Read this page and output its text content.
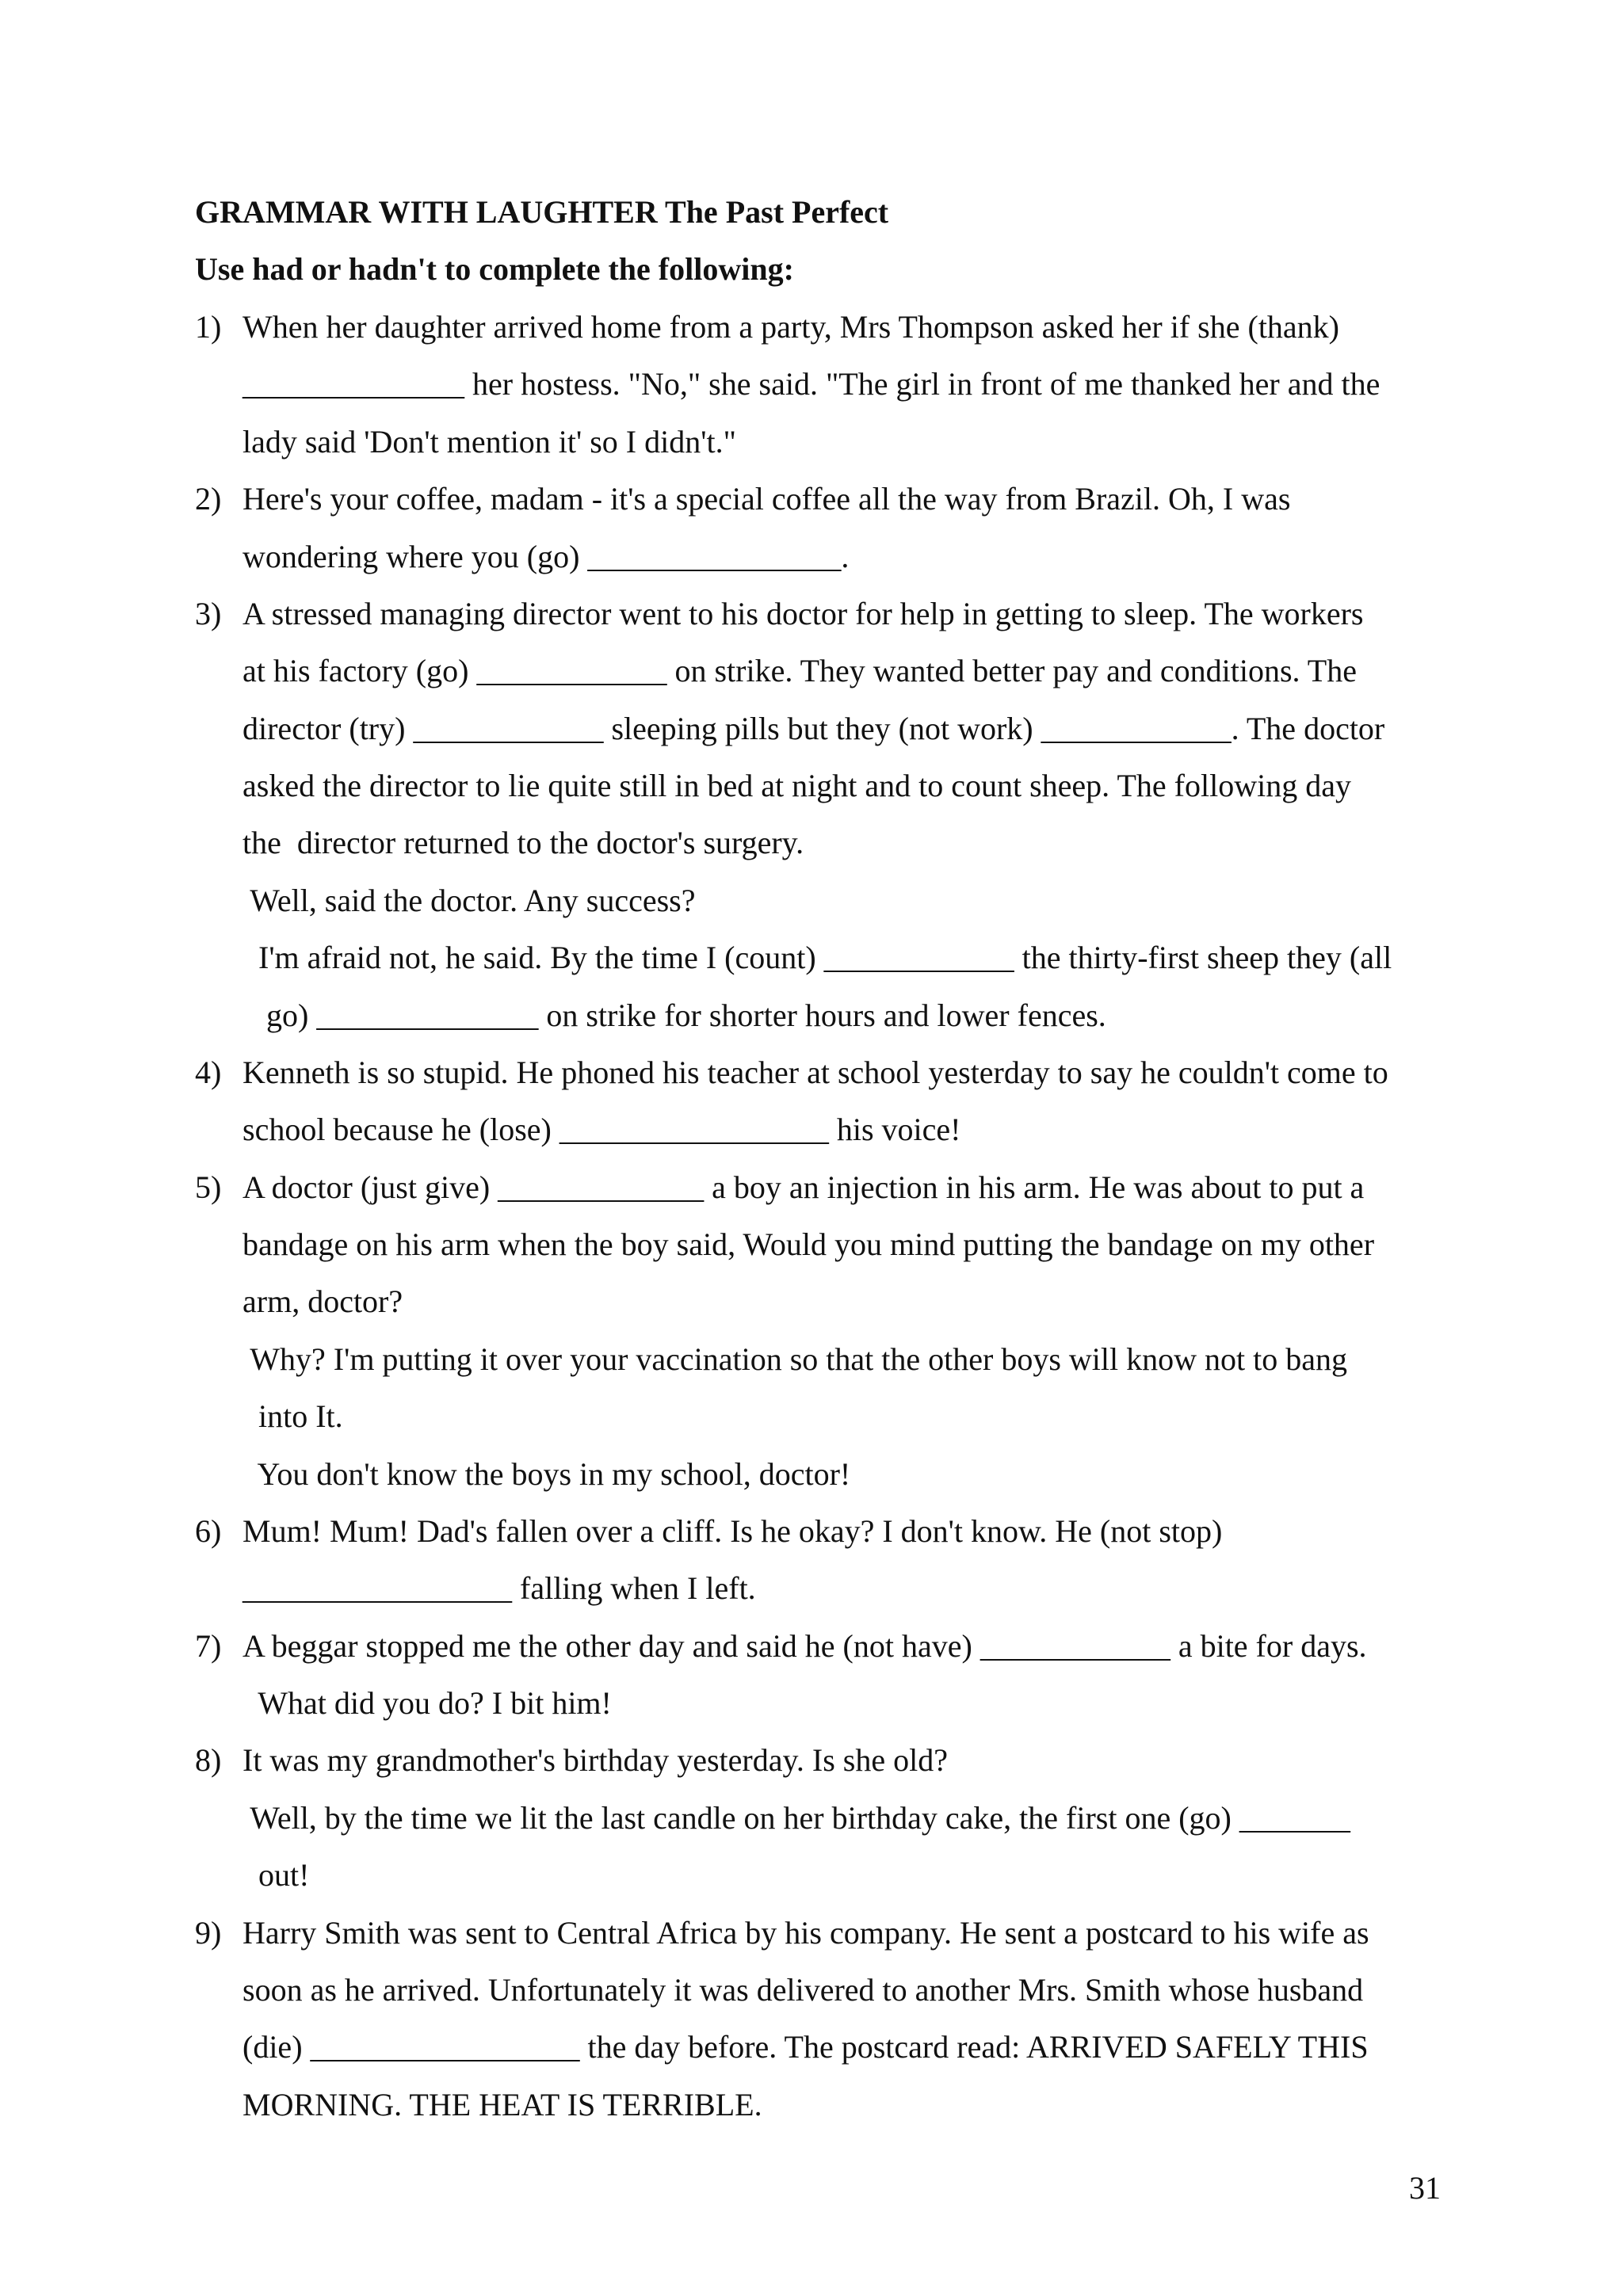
GRAMMAR WITH LAUGHTER The Past Perfect
Use had or hadn't to complete the following:
1) When her daughter arrived home from a party, Mrs Thompson asked her if she (thank)
______________ her hostess. "No," she said. "The girl in front of me thanked her and the
lady said 'Don't mention it' so I didn't."
2) Here's your coffee, madam - it's a special coffee all the way from Brazil. Oh, I was
wondering where you (go) ________________.
3) A stressed managing director went to his doctor for help in getting to sleep. The workers
at his factory (go) ____________ on strike. They wanted better pay and conditions. The
director (try) ____________ sleeping pills but they (not work) ____________. The doctor
asked the director to lie quite still in bed at night and to count sheep. The following day
the  director returned to the doctor's surgery.
Well, said the doctor. Any success?
I'm afraid not, he said. By the time I (count) ____________ the thirty-first sheep they (all
go) ______________ on strike for shorter hours and lower fences.
4) Kenneth is so stupid. He phoned his teacher at school yesterday to say he couldn't come to
school because he (lose) _________________ his voice!
5) A doctor (just give) _____________ a boy an injection in his arm. He was about to put a
bandage on his arm when the boy said, Would you mind putting the bandage on my other
arm, doctor?
Why? I'm putting it over your vaccination so that the other boys will know not to bang
into It.
You don't know the boys in my school, doctor!
6) Mum! Mum! Dad's fallen over a cliff. Is he okay? I don't know. He (not stop)
_________________ falling when I left.
7) A beggar stopped me the other day and said he (not have) ____________ a bite for days.
What did you do? I bit him!
8) It was my grandmother's birthday yesterday. Is she old?
Well, by the time we lit the last candle on her birthday cake, the first one (go) _______
out!
9) Harry Smith was sent to Central Africa by his company. He sent a postcard to his wife as
soon as he arrived. Unfortunately it was delivered to another Mrs. Smith whose husband
(die) _________________ the day before. The postcard read: ARRIVED SAFELY THIS
MORNING. THE HEAT IS TERRIBLE.
31
